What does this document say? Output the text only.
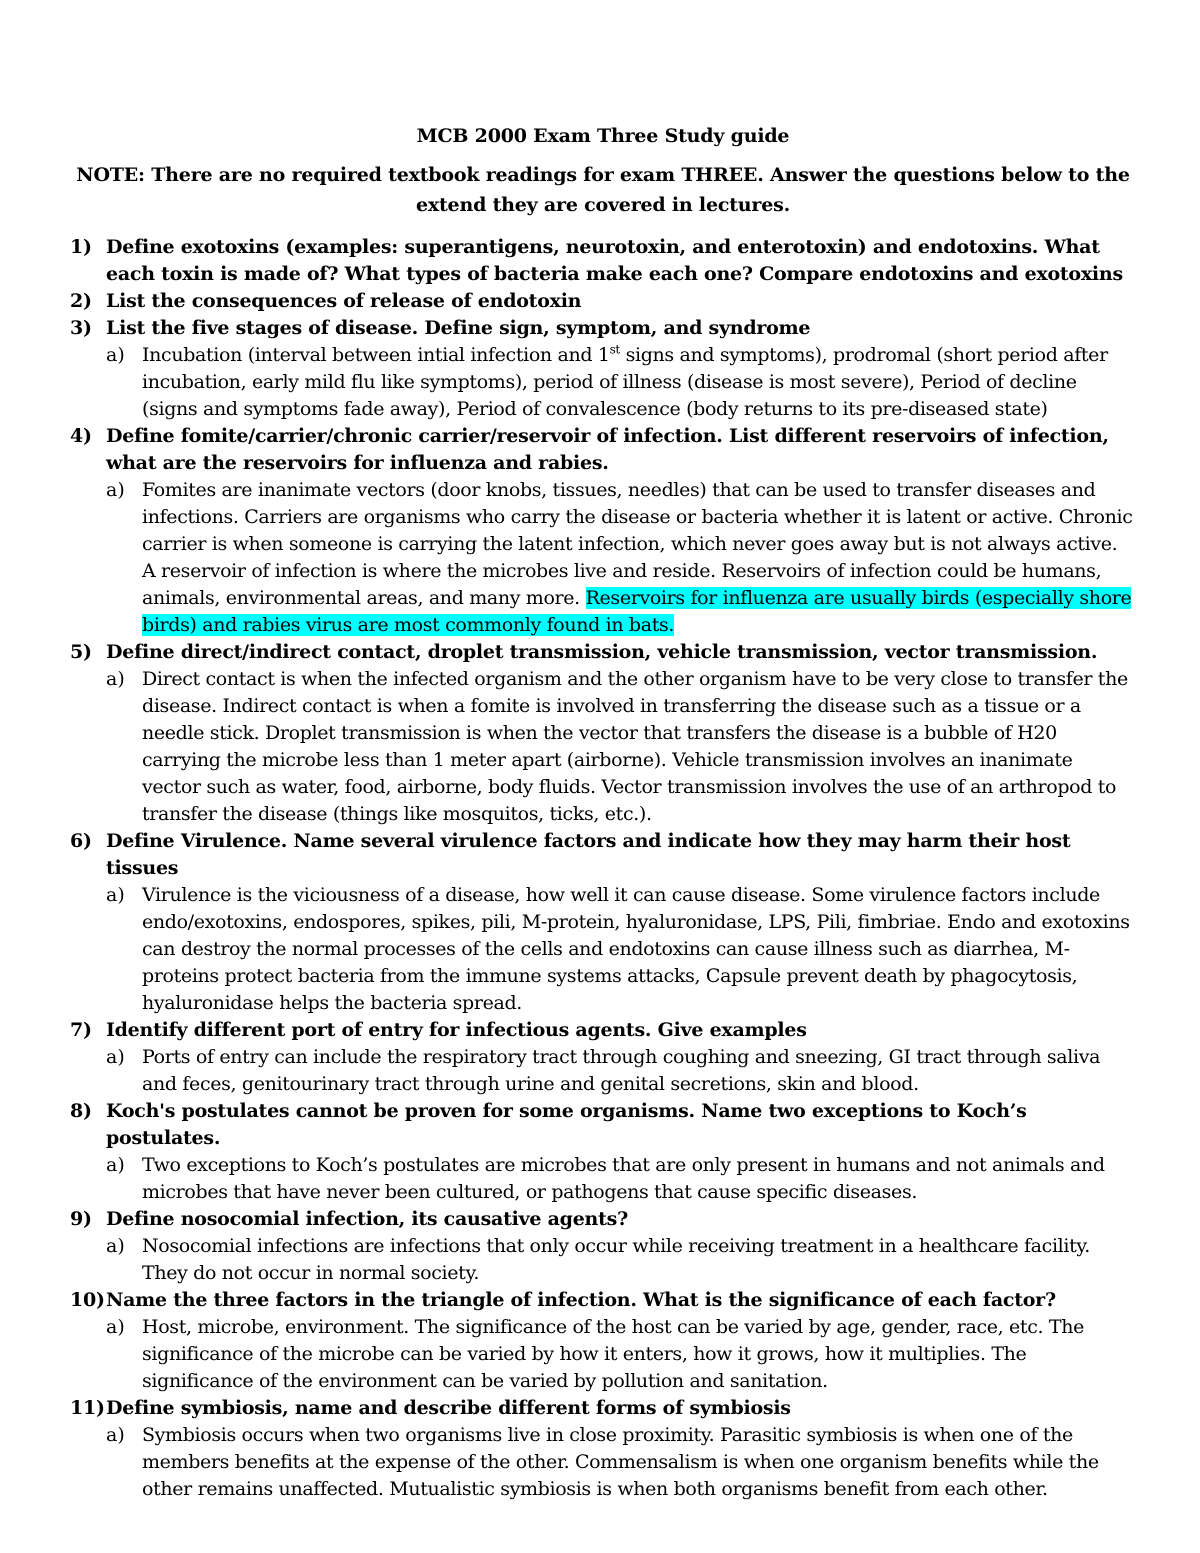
MCB 2000 Exam Three Study guide

NOTE: There are no required textbook readings for exam THREE. Answer the questions below to the extend they are covered in lectures.

1) Define exotoxins (examples: superantigens, neurotoxin, and enterotoxin) and endotoxins. What each toxin is made of? What types of bacteria make each one? Compare endotoxins and exotoxins
2) List the consequences of release of endotoxin
3) List the five stages of disease. Define sign, symptom, and syndrome
a) Incubation (interval between intial infection and 1st signs and symptoms), prodromal (short period after incubation, early mild flu like symptoms), period of illness (disease is most severe), Period of decline (signs and symptoms fade away), Period of convalescence (body returns to its pre-diseased state)
4) Define fomite/carrier/chronic carrier/reservoir of infection. List different reservoirs of infection, what are the reservoirs for influenza and rabies.
a) Fomites are inanimate vectors (door knobs, tissues, needles) that can be used to transfer diseases and infections. Carriers are organisms who carry the disease or bacteria whether it is latent or active. Chronic carrier is when someone is carrying the latent infection, which never goes away but is not always active. A reservoir of infection is where the microbes live and reside. Reservoirs of infection could be humans, animals, environmental areas, and many more. Reservoirs for influenza are usually birds (especially shore birds) and rabies virus are most commonly found in bats.
5) Define direct/indirect contact, droplet transmission, vehicle transmission, vector transmission.
a) Direct contact is when the infected organism and the other organism have to be very close to transfer the disease. Indirect contact is when a fomite is involved in transferring the disease such as a tissue or a needle stick. Droplet transmission is when the vector that transfers the disease is a bubble of H20 carrying the microbe less than 1 meter apart (airborne). Vehicle transmission involves an inanimate vector such as water, food, airborne, body fluids. Vector transmission involves the use of an arthropod to transfer the disease (things like mosquitos, ticks, etc.).
6) Define Virulence. Name several virulence factors and indicate how they may harm their host tissues
a) Virulence is the viciousness of a disease, how well it can cause disease. Some virulence factors include endo/exotoxins, endospores, spikes, pili, M-protein, hyaluronidase, LPS, Pili, fimbriae. Endo and exotoxins can destroy the normal processes of the cells and endotoxins can cause illness such as diarrhea, M-proteins protect bacteria from the immune systems attacks, Capsule prevent death by phagocytosis, hyaluronidase helps the bacteria spread.
7) Identify different port of entry for infectious agents. Give examples
a) Ports of entry can include the respiratory tract through coughing and sneezing, GI tract through saliva and feces, genitourinary tract through urine and genital secretions, skin and blood.
8) Koch's postulates cannot be proven for some organisms. Name two exceptions to Koch’s postulates.
a) Two exceptions to Koch’s postulates are microbes that are only present in humans and not animals and microbes that have never been cultured, or pathogens that cause specific diseases.
9) Define nosocomial infection, its causative agents?
a) Nosocomial infections are infections that only occur while receiving treatment in a healthcare facility. They do not occur in normal society.
10) Name the three factors in the triangle of infection. What is the significance of each factor?
a) Host, microbe, environment. The significance of the host can be varied by age, gender, race, etc. The significance of the microbe can be varied by how it enters, how it grows, how it multiplies. The significance of the environment can be varied by pollution and sanitation.
11) Define symbiosis, name and describe different forms of symbiosis
a) Symbiosis occurs when two organisms live in close proximity. Parasitic symbiosis is when one of the members benefits at the expense of the other. Commensalism is when one organism benefits while the other remains unaffected. Mutualistic symbiosis is when both organisms benefit from each other.
